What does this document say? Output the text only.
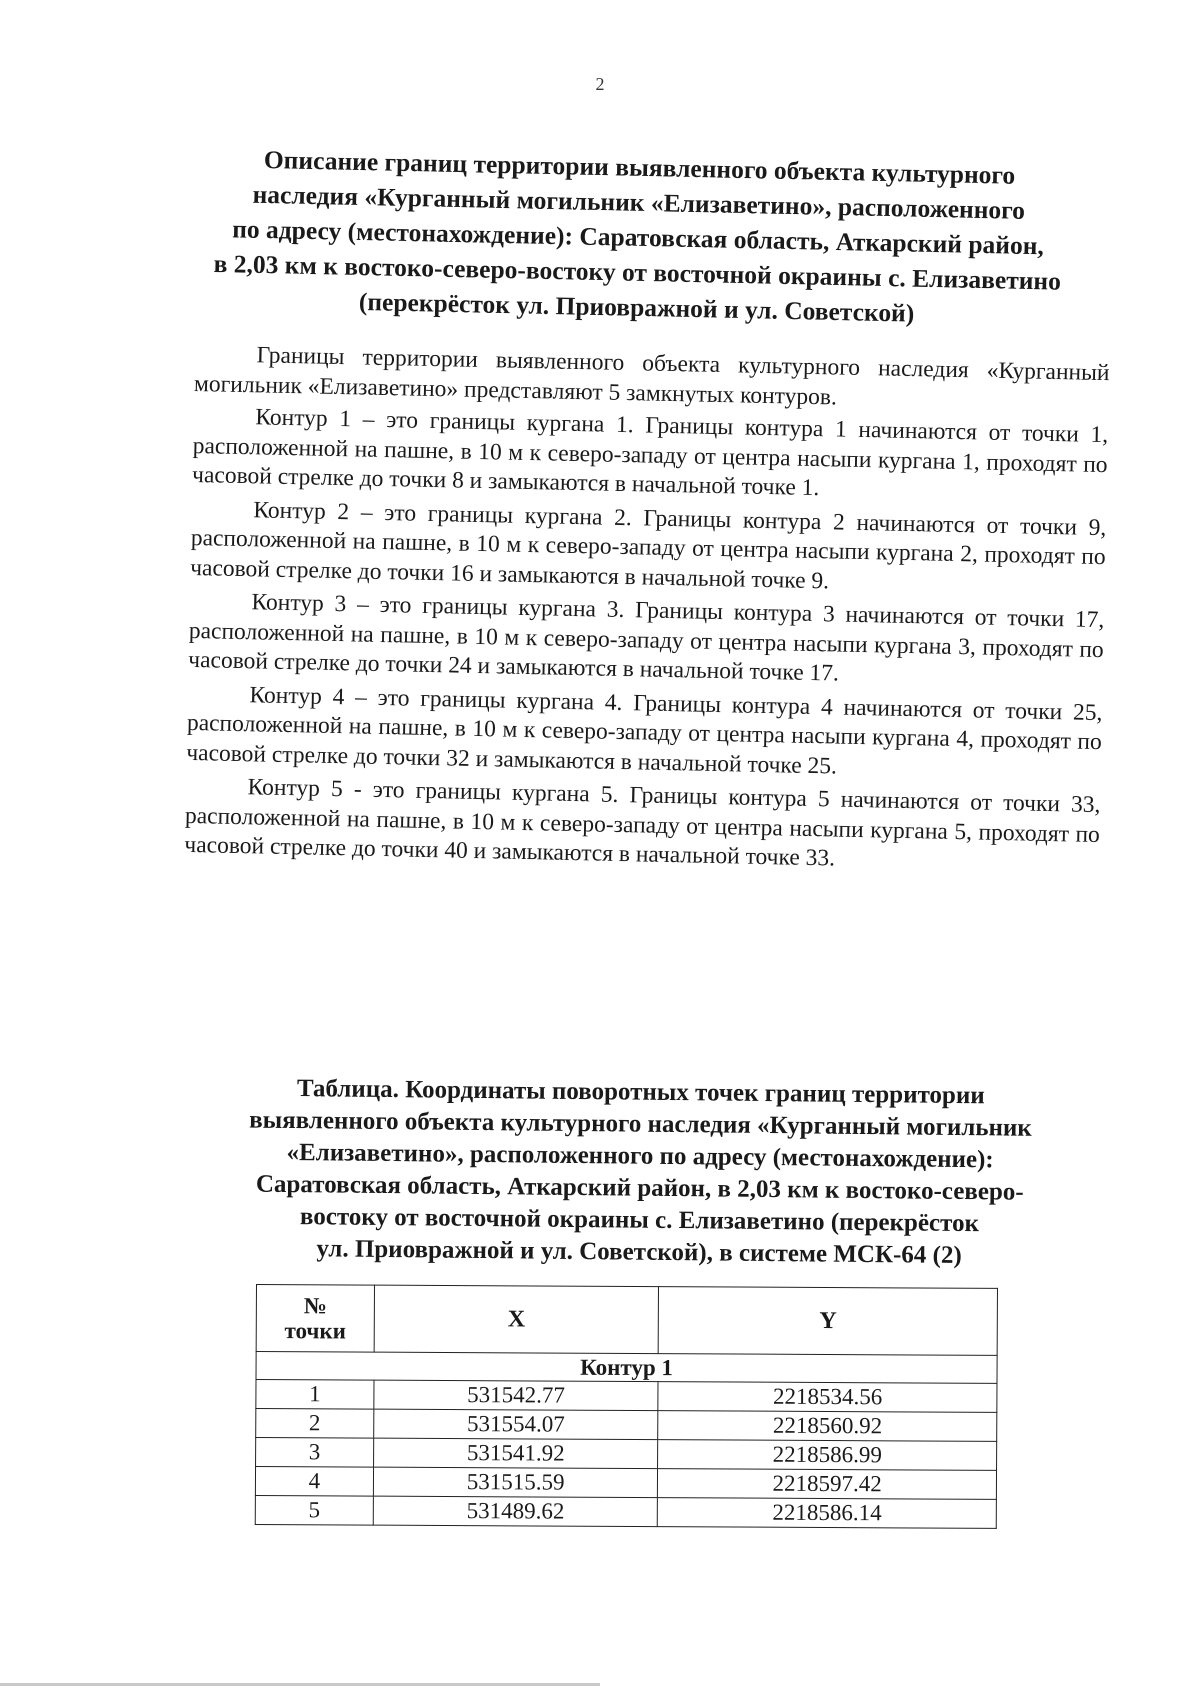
2
Описание границ территории выявленного объекта культурного
наследия «Курганный могильник «Елизаветино», расположенного
по адресу (местонахождение): Саратовская область, Аткарский район,
в 2,03 км к востоко-северо-востоку от восточной окраины с. Елизаветино
(перекрёсток ул. Приовражной и ул. Советской)

Границы территории выявленного объекта культурного наследия «Курганный могильник «Елизаветино» представляют 5 замкнутых контуров.

Контур 1 – это границы кургана 1. Границы контура 1 начинаются от точки 1, расположенной на пашне, в 10 м к северо-западу от центра насыпи кургана 1, проходят по часовой стрелке до точки 8 и замыкаются в начальной точке 1.

Контур 2 – это границы кургана 2. Границы контура 2 начинаются от точки 9, расположенной на пашне, в 10 м к северо-западу от центра насыпи кургана 2, проходят по часовой стрелке до точки 16 и замыкаются в начальной точке 9.

Контур 3 – это границы кургана 3. Границы контура 3 начинаются от точки 17, расположенной на пашне, в 10 м к северо-западу от центра насыпи кургана 3, проходят по часовой стрелке до точки 24 и замыкаются в начальной точке 17.

Контур 4 – это границы кургана 4. Границы контура 4 начинаются от точки 25, расположенной на пашне, в 10 м к северо-западу от центра насыпи кургана 4, проходят по часовой стрелке до точки 32 и замыкаются в начальной точке 25.

Контур 5 - это границы кургана 5. Границы контура 5 начинаются от точки 33, расположенной на пашне, в 10 м к северо-западу от центра насыпи кургана 5, проходят по часовой стрелке до точки 40 и замыкаются в начальной точке 33.

Таблица. Координаты поворотных точек границ территории
выявленного объекта культурного наследия «Курганный могильник
«Елизаветино», расположенного по адресу (местонахождение):
Саратовская область, Аткарский район, в 2,03 км к востоко-северо-
востоку от восточной окраины с. Елизаветино (перекрёсток
ул. Приовражной и ул. Советской), в системе МСК-64 (2)
№
точки	X	Y
Контур 1		
1	531542.77	2218534.56
2	531554.07	2218560.92
3	531541.92	2218586.99
4	531515.59	2218597.42
5	531489.62	2218586.14
